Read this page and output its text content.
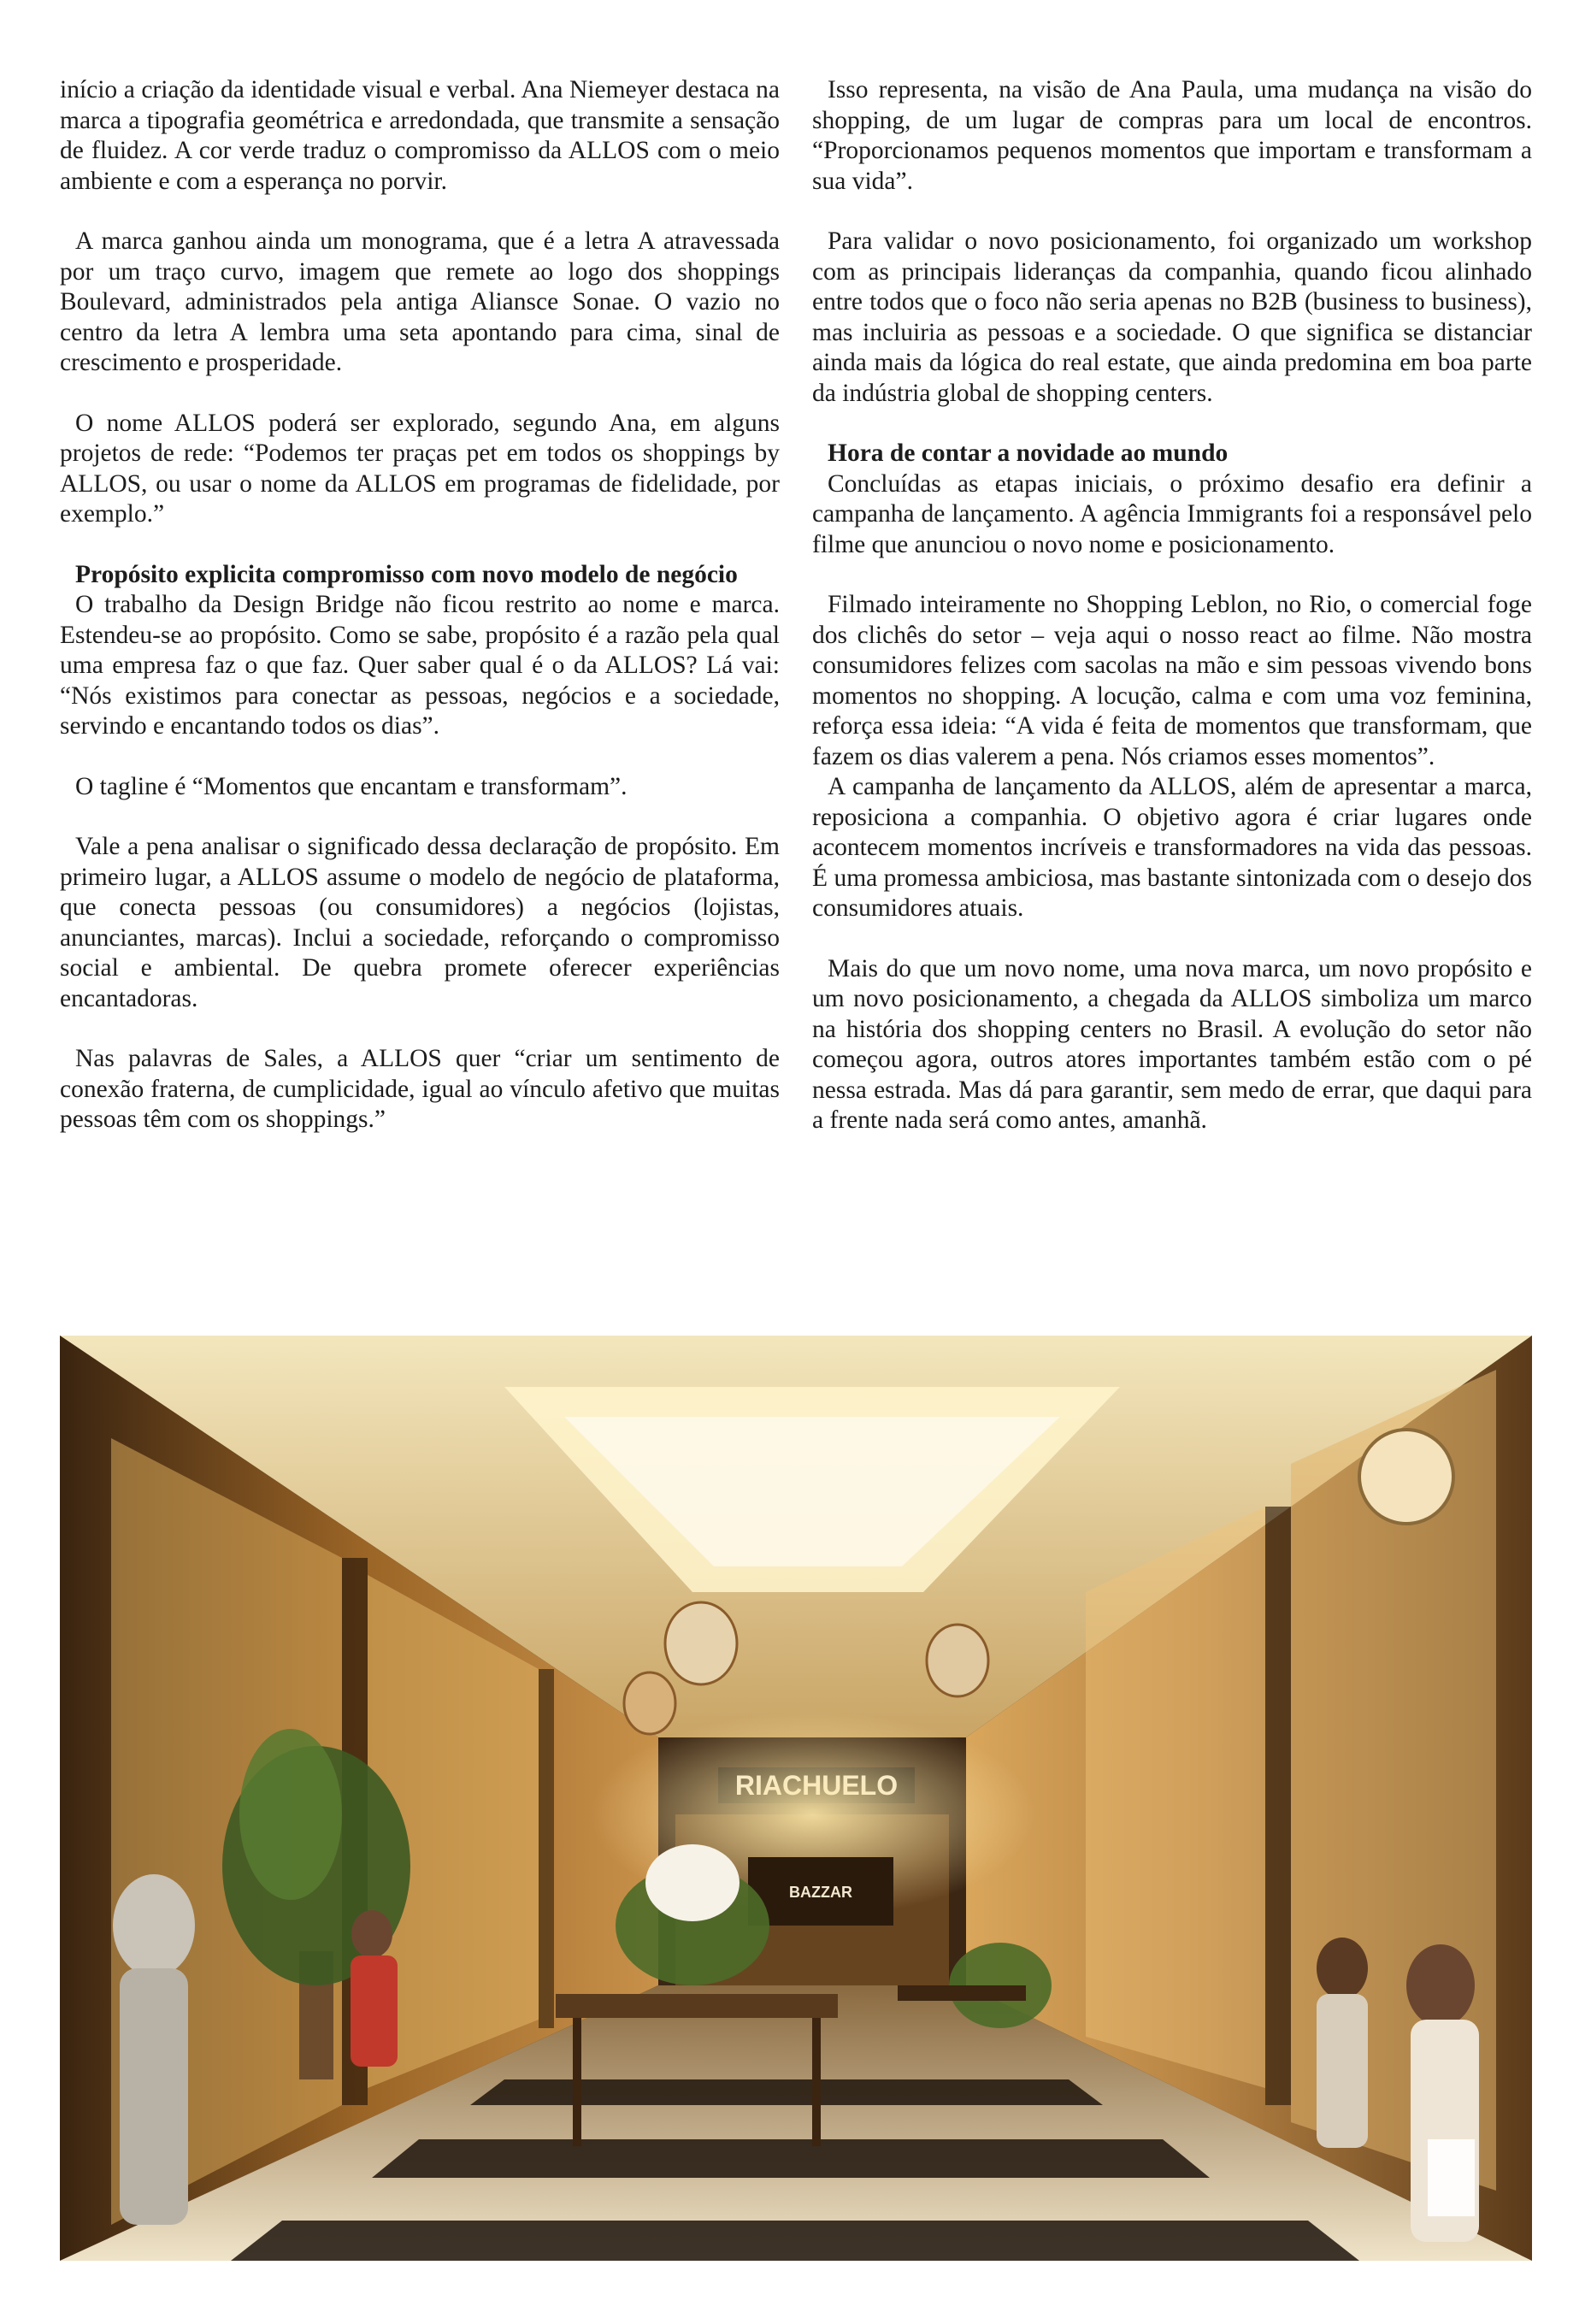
início a criação da identidade visual e verbal. Ana Niemeyer destaca na marca a tipografia geométrica e arredondada, que transmite a sensação de fluidez. A cor verde traduz o compromisso da ALLOS com o meio ambiente e com a esperança no porvir.

A marca ganhou ainda um monograma, que é a letra A atravessada por um traço curvo, imagem que remete ao logo dos shoppings Boulevard, administrados pela antiga Aliansce Sonae. O vazio no centro da letra A lembra uma seta apontando para cima, sinal de crescimento e prosperidade.

O nome ALLOS poderá ser explorado, segundo Ana, em alguns projetos de rede: “Podemos ter praças pet em todos os shoppings by ALLOS, ou usar o nome da ALLOS em programas de fidelidade, por exemplo.”

Propósito explicita compromisso com novo modelo de negócio

O trabalho da Design Bridge não ficou restrito ao nome e marca. Estendeu-se ao propósito. Como se sabe, propósito é a razão pela qual uma empresa faz o que faz. Quer saber qual é o da ALLOS? Lá vai: “Nós existimos para conectar as pessoas, negócios e a sociedade, servindo e encantando todos os dias”.

O tagline é “Momentos que encantam e transformam”.

Vale a pena analisar o significado dessa declaração de propósito. Em primeiro lugar, a ALLOS assume o modelo de negócio de plataforma, que conecta pessoas (ou consumidores) a negócios (lojistas, anunciantes, marcas). Inclui a sociedade, reforçando o compromisso social e ambiental. De quebra promete oferecer experiências encantadoras.

Nas palavras de Sales, a ALLOS quer “criar um sentimento de conexão fraterna, de cumplicidade, igual ao vínculo afetivo que muitas pessoas têm com os shoppings.”

Isso representa, na visão de Ana Paula, uma mudança na visão do shopping, de um lugar de compras para um local de encontros. “Proporcionamos pequenos momentos que importam e transformam a sua vida”.

Para validar o novo posicionamento, foi organizado um workshop com as principais lideranças da companhia, quando ficou alinhado entre todos que o foco não seria apenas no B2B (business to business), mas incluiria as pessoas e a sociedade. O que significa se distanciar ainda mais da lógica do real estate, que ainda predomina em boa parte da indústria global de shopping centers.

Hora de contar a novidade ao mundo

Concluídas as etapas iniciais, o próximo desafio era definir a campanha de lançamento. A agência Immigrants foi a responsável pelo filme que anunciou o novo nome e posicionamento.

Filmado inteiramente no Shopping Leblon, no Rio, o comercial foge dos clichês do setor – veja aqui o nosso react ao filme. Não mostra consumidores felizes com sacolas na mão e sim pessoas vivendo bons momentos no shopping. A locução, calma e com uma voz feminina, reforça essa ideia: “A vida é feita de momentos que transformam, que fazem os dias valerem a pena. Nós criamos esses momentos”.

A campanha de lançamento da ALLOS, além de apresentar a marca, reposiciona a companhia. O objetivo agora é criar lugares onde acontecem momentos incríveis e transformadores na vida das pessoas. É uma promessa ambiciosa, mas bastante sintonizada com o desejo dos consumidores atuais.

Mais do que um novo nome, uma nova marca, um novo propósito e um novo posicionamento, a chegada da ALLOS simboliza um marco na história dos shopping centers no Brasil. A evolução do setor não começou agora, outros atores importantes também estão com o pé nessa estrada. Mas dá para garantir, sem medo de errar, que daqui para a frente nada será como antes, amanhã.

BAZZAR
